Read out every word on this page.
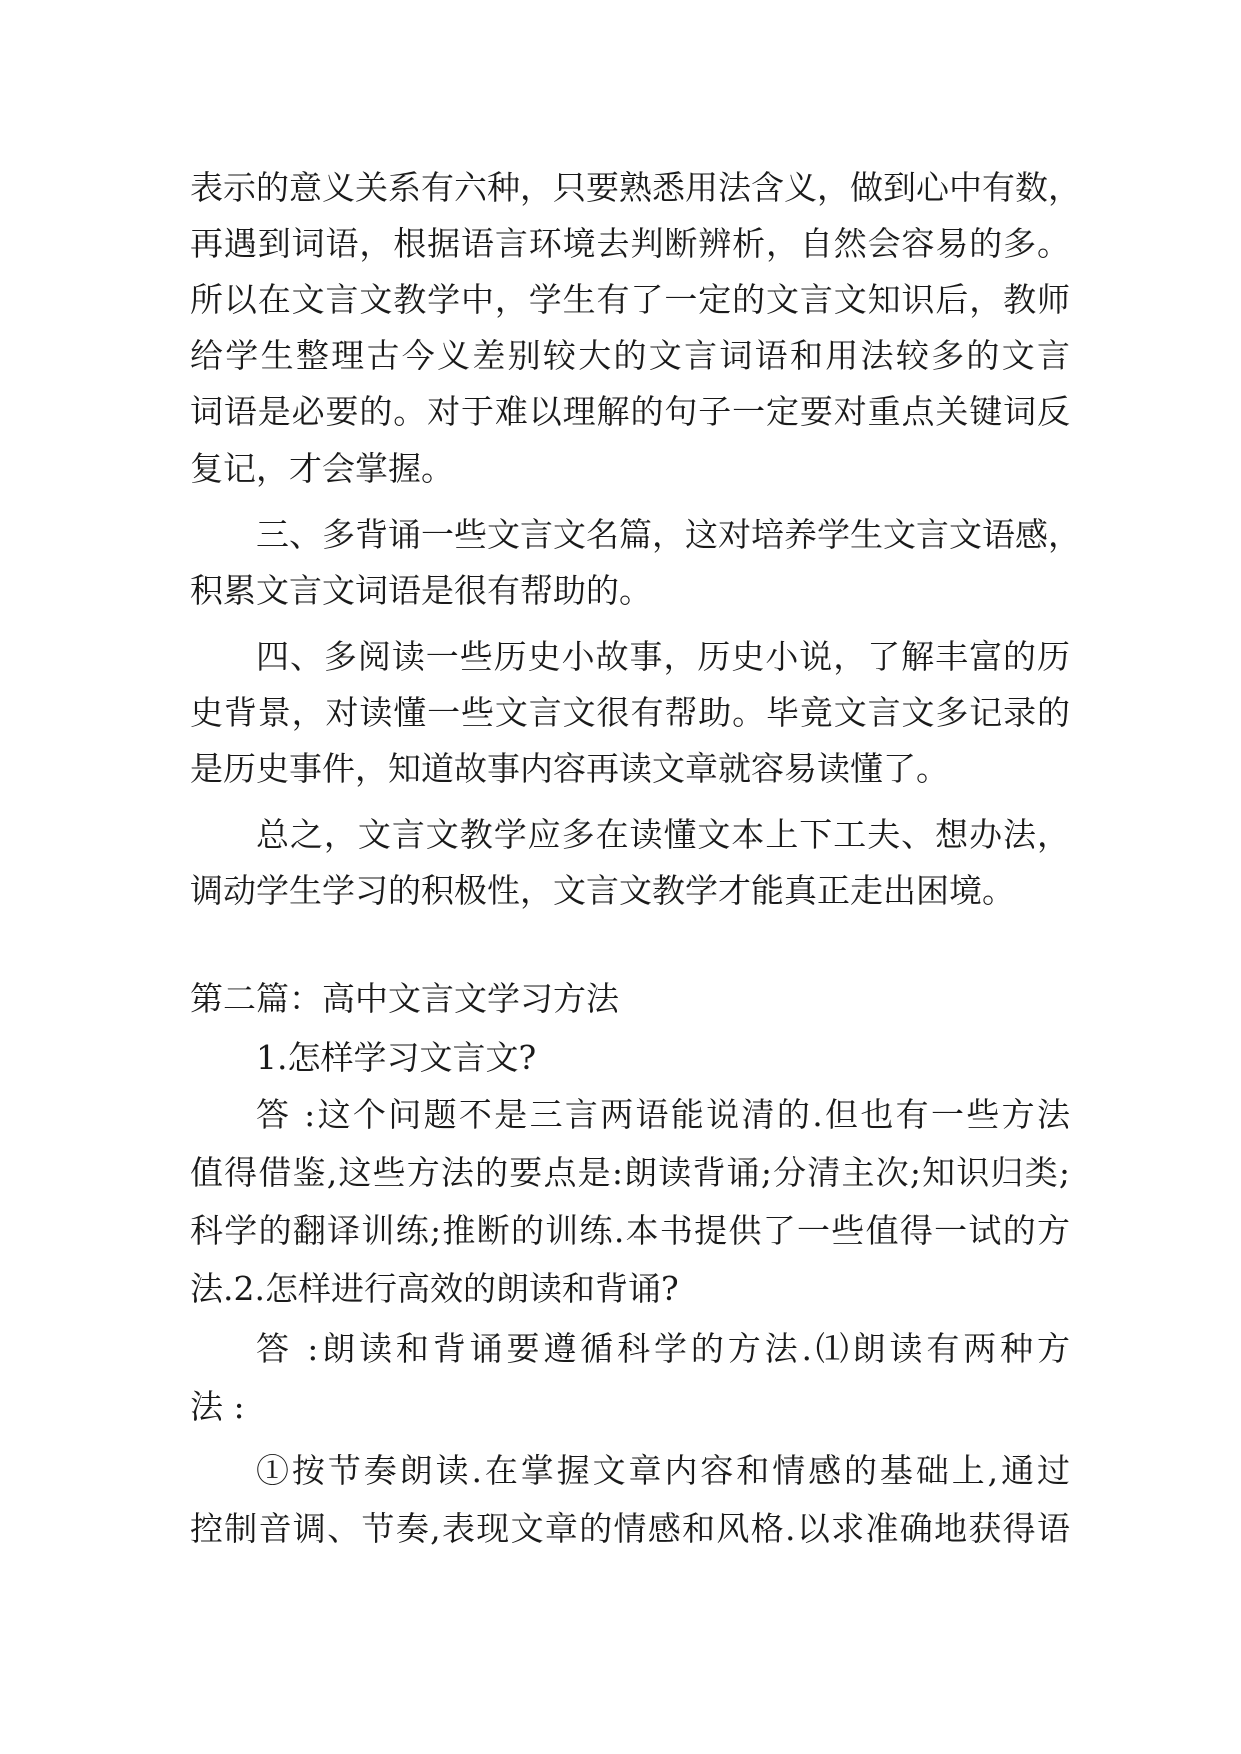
表示的意义关系有六种，只要熟悉用法含义，做到心中有数，
再遇到词语，根据语言环境去判断辨析，自然会容易的多。
所以在文言文教学中，学生有了一定的文言文知识后，教师
给学生整理古今义差别较大的文言词语和用法较多的文言
词语是必要的。对于难以理解的句子一定要对重点关键词反
复记，才会掌握。
三、多背诵一些文言文名篇，这对培养学生文言文语感，
积累文言文词语是很有帮助的。
四、多阅读一些历史小故事，历史小说，了解丰富的历
史背景，对读懂一些文言文很有帮助。毕竟文言文多记录的
是历史事件，知道故事内容再读文章就容易读懂了。
总之，文言文教学应多在读懂文本上下工夫、想办法，
调动学生学习的积极性，文言文教学才能真正走出困境。
第二篇：高中文言文学习方法
1.怎样学习文言文?
答 :这个问题不是三言两语能说清的.但也有一些方法
值得借鉴,这些方法的要点是:朗读背诵;分清主次;知识归类;
科学的翻译训练;推断的训练.本书提供了一些值得一试的方
法.2.怎样进行高效的朗读和背诵?
答 :朗读和背诵要遵循科学的方法.⑴朗读有两种方
法 :
①按节奏朗读.在掌握文章内容和情感的基础上,通过
控制音调、节奏,表现文章的情感和风格.以求准确地获得语
